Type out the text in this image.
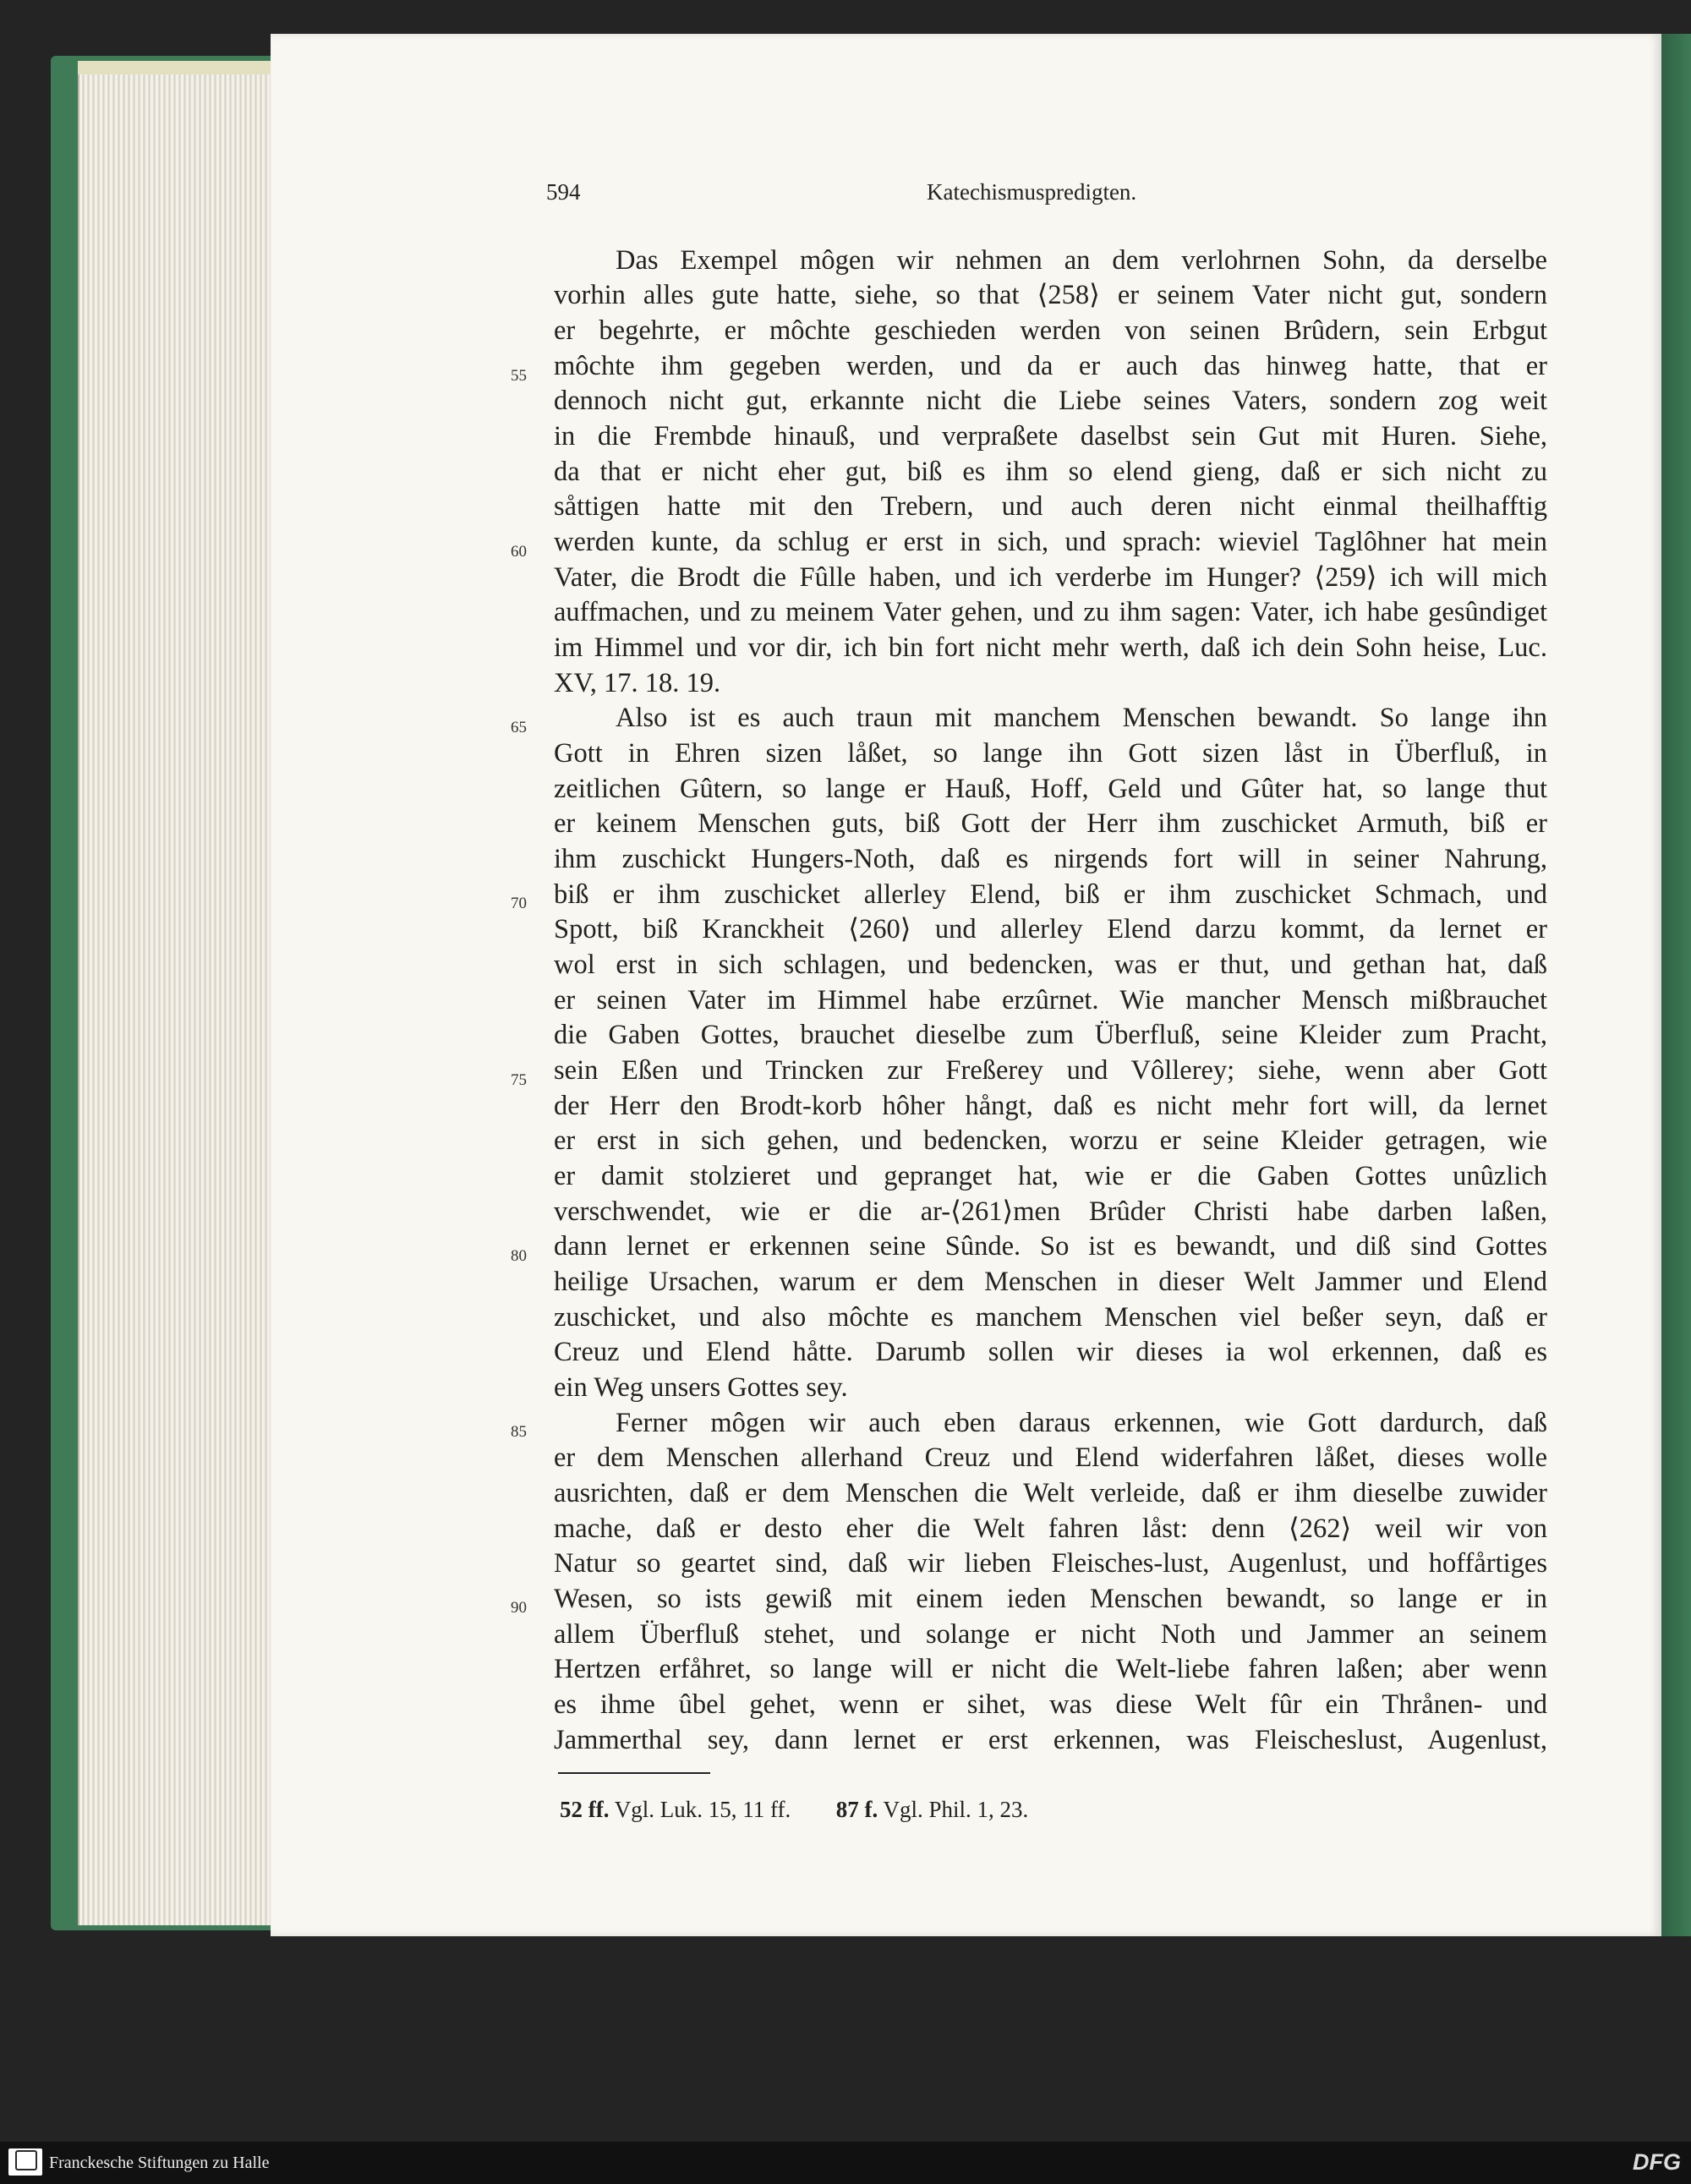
594	Katechismuspredigten.
55
60
65
70
75
80
85
90
Das Exempel môgen wir nehmen an dem verlohrnen Sohn, da derselbe
vorhin alles gute hatte, siehe, so that ⟨258⟩ er seinem Vater nicht gut, sondern
er begehrte, er môchte geschieden werden von seinen Brûdern, sein Erbgut
môchte ihm gegeben werden, und da er auch das hinweg hatte, that er
dennoch nicht gut, erkannte nicht die Liebe seines Vaters, sondern zog weit
in die Frembde hinauß, und verpraßete daselbst sein Gut mit Huren. Siehe,
da that er nicht eher gut, biß es ihm so elend gieng, daß er sich nicht zu
såttigen hatte mit den Trebern, und auch deren nicht einmal theilhafftig
werden kunte, da schlug er erst in sich, und sprach: wieviel Taglôhner hat mein
Vater, die Brodt die Fûlle haben, und ich verderbe im Hunger? ⟨259⟩ ich will mich
auffmachen, und zu meinem Vater gehen, und zu ihm sagen: Vater, ich habe gesûndiget
im Himmel und vor dir, ich bin fort nicht mehr werth, daß ich dein Sohn heise, Luc.
XV, 17. 18. 19.
Also ist es auch traun mit manchem Menschen bewandt. So lange ihn
Gott in Ehren sizen låßet, so lange ihn Gott sizen låst in Überfluß, in
zeitlichen Gûtern, so lange er Hauß, Hoff, Geld und Gûter hat, so lange thut
er keinem Menschen guts, biß Gott der Herr ihm zuschicket Armuth, biß er
ihm zuschickt Hungers-Noth, daß es nirgends fort will in seiner Nahrung,
biß er ihm zuschicket allerley Elend, biß er ihm zuschicket Schmach, und
Spott, biß Kranckheit ⟨260⟩ und allerley Elend darzu kommt, da lernet er
wol erst in sich schlagen, und bedencken, was er thut, und gethan hat, daß
er seinen Vater im Himmel habe erzûrnet. Wie mancher Mensch mißbrauchet
die Gaben Gottes, brauchet dieselbe zum Überfluß, seine Kleider zum Pracht,
sein Eßen und Trincken zur Freßerey und Vôllerey; siehe, wenn aber Gott
der Herr den Brodt-korb hôher hångt, daß es nicht mehr fort will, da lernet
er erst in sich gehen, und bedencken, worzu er seine Kleider getragen, wie
er damit stolzieret und gepranget hat, wie er die Gaben Gottes unûzlich
verschwendet, wie er die ar-⟨261⟩men Brûder Christi habe darben laßen,
dann lernet er erkennen seine Sûnde. So ist es bewandt, und diß sind Gottes
heilige Ursachen, warum er dem Menschen in dieser Welt Jammer und Elend
zuschicket, und also môchte es manchem Menschen viel beßer seyn, daß er
Creuz und Elend håtte. Darumb sollen wir dieses ia wol erkennen, daß es
ein Weg unsers Gottes sey.
Ferner môgen wir auch eben daraus erkennen, wie Gott dardurch, daß
er dem Menschen allerhand Creuz und Elend widerfahren låßet, dieses wolle
ausrichten, daß er dem Menschen die Welt verleide, daß er ihm dieselbe zuwider
mache, daß er desto eher die Welt fahren låst: denn ⟨262⟩ weil wir von
Natur so geartet sind, daß wir lieben Fleisches-lust, Augenlust, und hoffårtiges
Wesen, so ists gewiß mit einem ieden Menschen bewandt, so lange er in
allem Überfluß stehet, und solange er nicht Noth und Jammer an seinem
Hertzen erfåhret, so lange will er nicht die Welt-liebe fahren laßen; aber wenn
es ihme ûbel gehet, wenn er sihet, was diese Welt fûr ein Thrånen- und
Jammerthal sey, dann lernet er erst erkennen, was Fleischeslust, Augenlust,
52 ff. Vgl. Luk. 15, 11 ff. 87 f. Vgl. Phil. 1, 23.
Franckesche Stiftungen zu Halle	DFG
